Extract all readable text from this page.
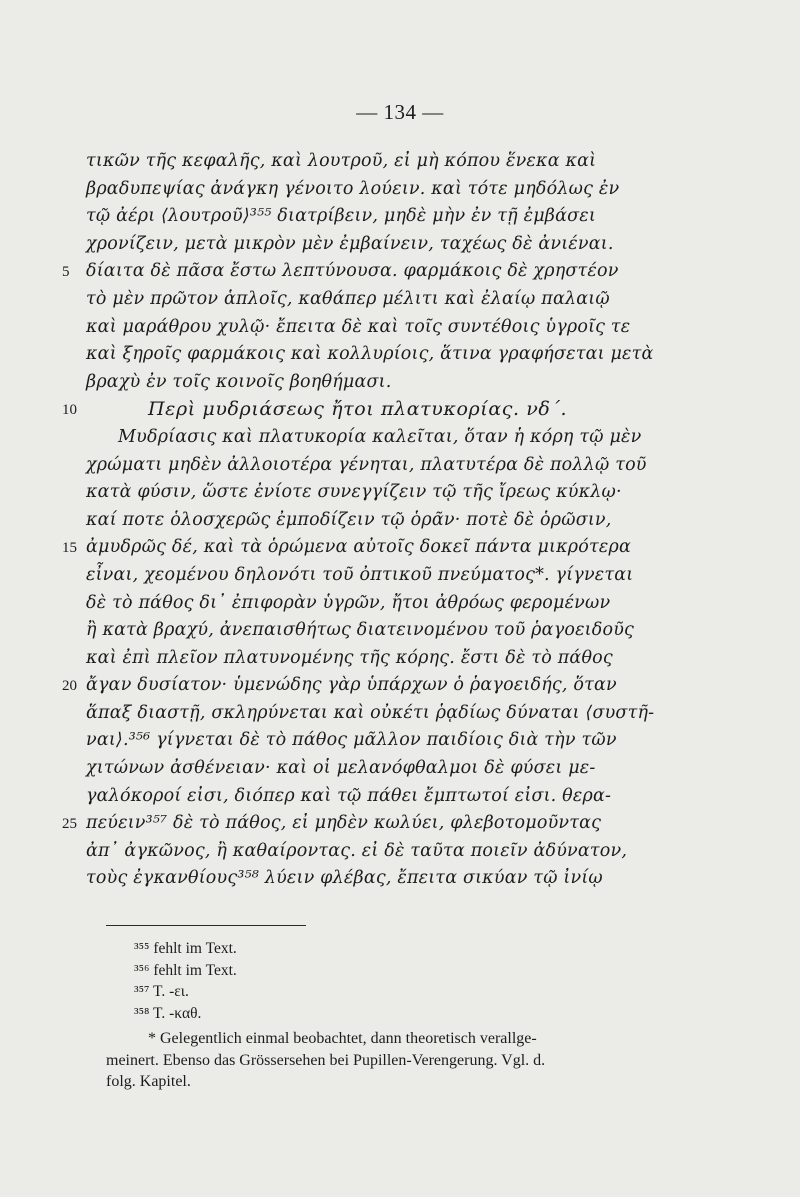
— 134 —
τικῶν τῆς κεφαλῆς, καὶ λουτροῦ, εἰ μὴ κόπου ἕνεκα καὶ
βραδυπεψίας ἀνάγκη γένοιτο λούειν. καὶ τότε μηδόλως ἐν
τῷ ἀέρι ⟨λουτροῦ⟩³⁵⁵ διατρίβειν, μηδὲ μὴν ἐν τῇ ἐμβάσει
χρονίζειν, μετὰ μικρὸν μὲν ἐμβαίνειν, ταχέως δὲ ἀνιέναι.
5 δίαιτα δὲ πᾶσα ἔστω λεπτύνουσα. φαρμάκοις δὲ χρηστέον
τὸ μὲν πρῶτον ἁπλοῖς, καθάπερ μέλιτι καὶ ἐλαίῳ παλαιῷ
καὶ μαράθρου χυλῷ· ἔπειτα δὲ καὶ τοῖς συντέθοις ὑγροῖς τε
καὶ ξηροῖς φαρμάκοις καὶ κολλυρίοις, ἅτινα γραφήσεται μετὰ
βραχὺ ἐν τοῖς κοινοῖς βοηθήμασι.
10	Περὶ μυδριάσεως ἤτοι πλατυκορίας. νδ΄.
Μυδρίασις καὶ πλατυκορία καλεῖται, ὅταν ἡ κόρη τῷ μὲν
χρώματι μηδὲν ἀλλοιοτέρα γένηται, πλατυτέρα δὲ πολλῷ τοῦ
κατὰ φύσιν, ὥστε ἐνίοτε συνεγγίζειν τῷ τῆς ἴρεως κύκλῳ·
καί ποτε ὁλοσχερῶς ἐμποδίζειν τῷ ὁρᾶν· ποτὲ δὲ ὁρῶσιν,
15 ἀμυδρῶς δέ, καὶ τὰ ὁρώμενα αὐτοῖς δοκεῖ πάντα μικρότερα
εἶναι, χεομένου δηλονότι τοῦ ὀπτικοῦ πνεύματος*. γίγνεται
δὲ τὸ πάθος δι᾽ ἐπιφορὰν ὑγρῶν, ἤτοι ἀθρόως φερομένων
ἢ κατὰ βραχύ, ἀνεπαισθήτως διατεινομένου τοῦ ῥαγοειδοῦς
καὶ ἐπὶ πλεῖον πλατυνομένης τῆς κόρης. ἔστι δὲ τὸ πάθος
20 ἄγαν δυσίατον· ὑμενώδης γὰρ ὑπάρχων ὁ ῥαγοειδής, ὅταν
ἅπαξ διαστῇ, σκληρύνεται καὶ οὐκέτι ῥᾳδίως δύναται ⟨συστῆ-
ναι⟩.³⁵⁶ γίγνεται δὲ τὸ πάθος μᾶλλον παιδίοις διὰ τὴν τῶν
χιτώνων ἀσθένειαν· καὶ οἱ μελανόφθαλμοι δὲ φύσει με-
γαλόκοροί εἰσι, διόπερ καὶ τῷ πάθει ἔμπτωτοί εἰσι. θερα-
25 πεύειν³⁵⁷ δὲ τὸ πάθος, εἰ μηδὲν κωλύει, φλεβοτομοῦντας
ἀπ᾽ ἀγκῶνος, ἢ καθαίροντας. εἰ δὲ ταῦτα ποιεῖν ἀδύνατον,
τοὺς ἐγκανθίους³⁵⁸ λύειν φλέβας, ἔπειτα σικύαν τῷ ἰνίῳ
³⁵⁵ fehlt im Text.
³⁵⁶ fehlt im Text.
³⁵⁷ T. -ει.
³⁵⁸ T. -καθ.
* Gelegentlich einmal beobachtet, dann theoretisch verallge-
meinert. Ebenso das Grössersehen bei Pupillen-Verengerung. Vgl. d.
folg. Kapitel.
